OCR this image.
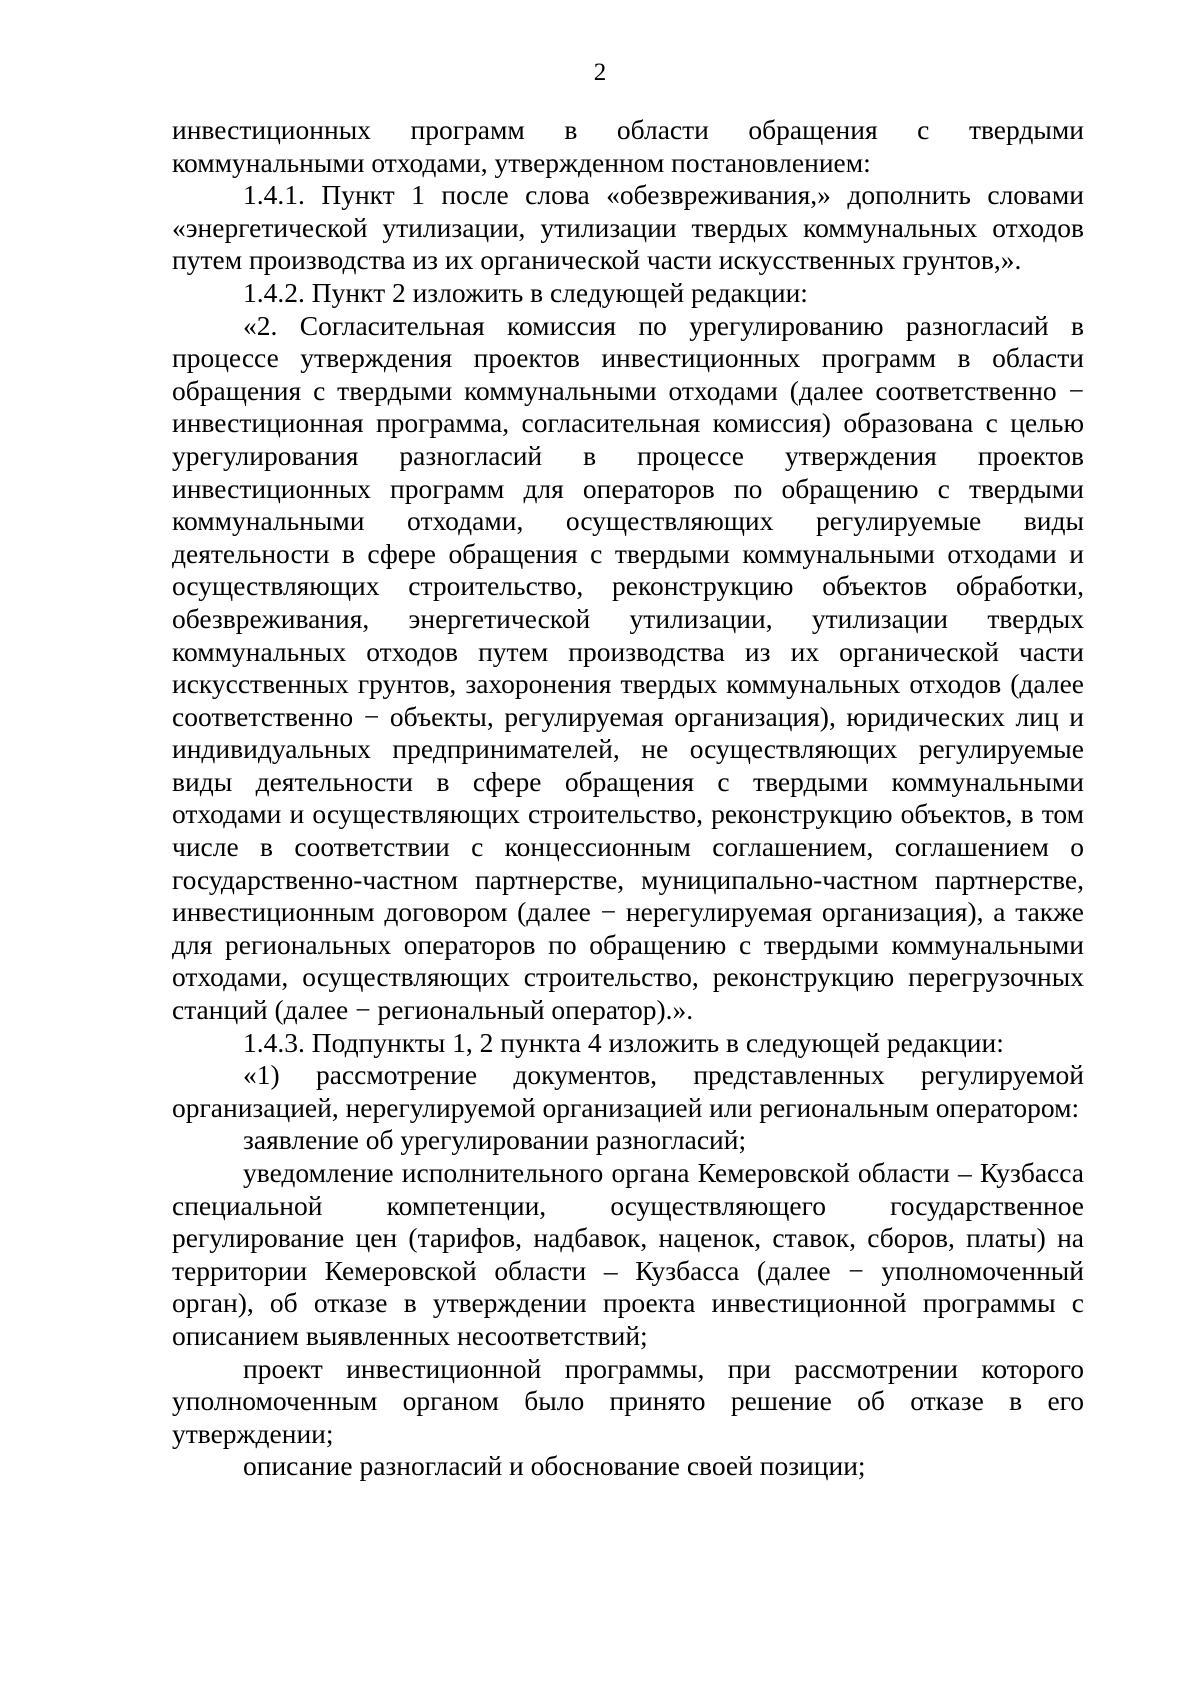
2

инвестиционных программ в области обращения с твердыми коммунальными отходами, утвержденном постановлением:

1.4.1. Пункт 1 после слова «обезвреживания,» дополнить словами «энергетической утилизации, утилизации твердых коммунальных отходов путем производства из их органической части искусственных грунтов,».

1.4.2. Пункт 2 изложить в следующей редакции:

«2. Согласительная комиссия по урегулированию разногласий в процессе утверждения проектов инвестиционных программ в области обращения с твердыми коммунальными отходами (далее соответственно − инвестиционная программа, согласительная комиссия) образована с целью урегулирования разногласий в процессе утверждения проектов инвестиционных программ для операторов по обращению с твердыми коммунальными отходами, осуществляющих регулируемые виды деятельности в сфере обращения с твердыми коммунальными отходами и осуществляющих строительство, реконструкцию объектов обработки, обезвреживания, энергетической утилизации, утилизации твердых коммунальных отходов путем производства из их органической части искусственных грунтов, захоронения твердых коммунальных отходов (далее соответственно − объекты, регулируемая организация), юридических лиц и индивидуальных предпринимателей, не осуществляющих регулируемые виды деятельности в сфере обращения с твердыми коммунальными отходами и осуществляющих строительство, реконструкцию объектов, в том числе в соответствии с концессионным соглашением, соглашением о государственно-частном партнерстве, муниципально-частном партнерстве, инвестиционным договором (далее − нерегулируемая организация), а также для региональных операторов по обращению с твердыми коммунальными отходами, осуществляющих строительство, реконструкцию перегрузочных станций (далее − региональный оператор).».

1.4.3. Подпункты 1, 2 пункта 4 изложить в следующей редакции:

«1) рассмотрение документов, представленных регулируемой организацией, нерегулируемой организацией или региональным оператором:

заявление об урегулировании разногласий;

уведомление исполнительного органа Кемеровской области – Кузбасса специальной компетенции, осуществляющего государственное регулирование цен (тарифов, надбавок, наценок, ставок, сборов, платы) на территории Кемеровской области – Кузбасса (далее − уполномоченный орган), об отказе в утверждении проекта инвестиционной программы с описанием выявленных несоответствий;

проект инвестиционной программы, при рассмотрении которого уполномоченным органом было принято решение об отказе в его утверждении;

описание разногласий и обоснование своей позиции;
